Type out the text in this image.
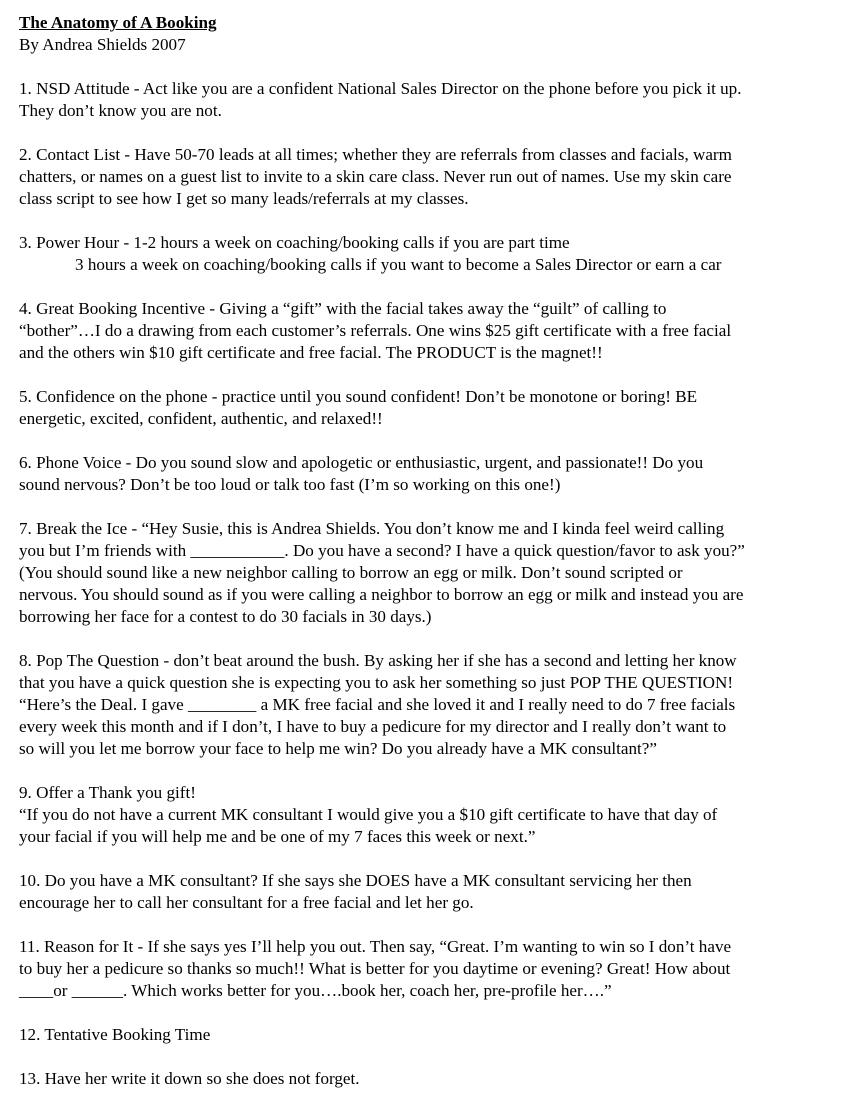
The Anatomy of A Booking
By Andrea Shields 2007
1. NSD Attitude - Act like you are a confident National Sales Director on the phone before you pick it up.
They don’t know you are not.
2. Contact List - Have 50-70 leads at all times; whether they are referrals from classes and facials, warm
chatters, or names on a guest list to invite to a skin care class. Never run out of names. Use my skin care
class script to see how I get so many leads/referrals at my classes.
3. Power Hour - 1-2 hours a week on coaching/booking calls if you are part time
3 hours a week on coaching/booking calls if you want to become a Sales Director or earn a car
4. Great Booking Incentive - Giving a “gift” with the facial takes away the “guilt” of calling to
“bother”…I do a drawing from each customer’s referrals. One wins $25 gift certificate with a free facial
and the others win $10 gift certificate and free facial. The PRODUCT is the magnet!!
5. Confidence on the phone - practice until you sound confident! Don’t be monotone or boring! BE
energetic, excited, confident, authentic, and relaxed!!
6. Phone Voice - Do you sound slow and apologetic or enthusiastic, urgent, and passionate!! Do you
sound nervous? Don’t be too loud or talk too fast (I’m so working on this one!)
7. Break the Ice - “Hey Susie, this is Andrea Shields. You don’t know me and I kinda feel weird calling
you but I’m friends with ___________. Do you have a second? I have a quick question/favor to ask you?”
(You should sound like a new neighbor calling to borrow an egg or milk. Don’t sound scripted or
nervous. You should sound as if you were calling a neighbor to borrow an egg or milk and instead you are
borrowing her face for a contest to do 30 facials in 30 days.)
8. Pop The Question - don’t beat around the bush. By asking her if she has a second and letting her know
that you have a quick question she is expecting you to ask her something so just POP THE QUESTION!
“Here’s the Deal. I gave ________ a MK free facial and she loved it and I really need to do 7 free facials
every week this month and if I don’t, I have to buy a pedicure for my director and I really don’t want to
so will you let me borrow your face to help me win? Do you already have a MK consultant?”
9. Offer a Thank you gift!
“If you do not have a current MK consultant I would give you a $10 gift certificate to have that day of
your facial if you will help me and be one of my 7 faces this week or next.”
10. Do you have a MK consultant? If she says she DOES have a MK consultant servicing her then
encourage her to call her consultant for a free facial and let her go.
11. Reason for It - If she says yes I’ll help you out. Then say, “Great. I’m wanting to win so I don’t have
to buy her a pedicure so thanks so much!! What is better for you daytime or evening? Great! How about
____or ______. Which works better for you….book her, coach her, pre-profile her….”
12. Tentative Booking Time
13. Have her write it down so she does not forget.
